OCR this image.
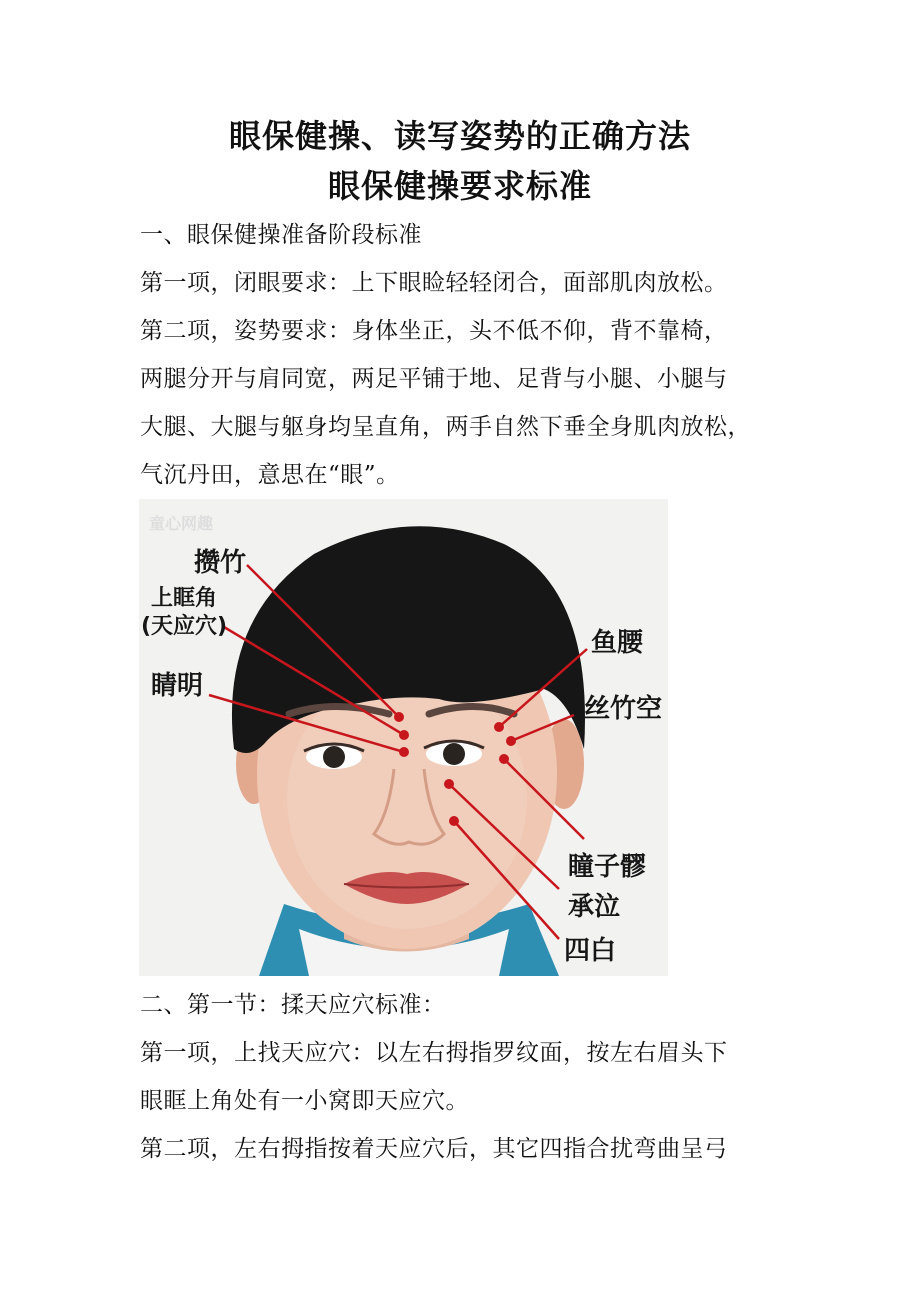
眼保健操、读写姿势的正确方法
眼保健操要求标准
一、眼保健操准备阶段标准
第一项，闭眼要求：上下眼睑轻轻闭合，面部肌肉放松。
第二项，姿势要求：身体坐正，头不低不仰，背不靠椅，
两腿分开与肩同宽，两足平铺于地、足背与小腿、小腿与
大腿、大腿与躯身均呈直角，两手自然下垂全身肌肉放松，
气沉丹田，意思在“眼”。
童心网趣
攒竹
上眶角
(天应穴)
睛明
鱼腰
丝竹空
瞳子髎
承泣
四白
二、第一节：揉天应穴标准：
第一项，上找天应穴：以左右拇指罗纹面，按左右眉头下
眼眶上角处有一小窝即天应穴。
第二项，左右拇指按着天应穴后，其它四指合扰弯曲呈弓
